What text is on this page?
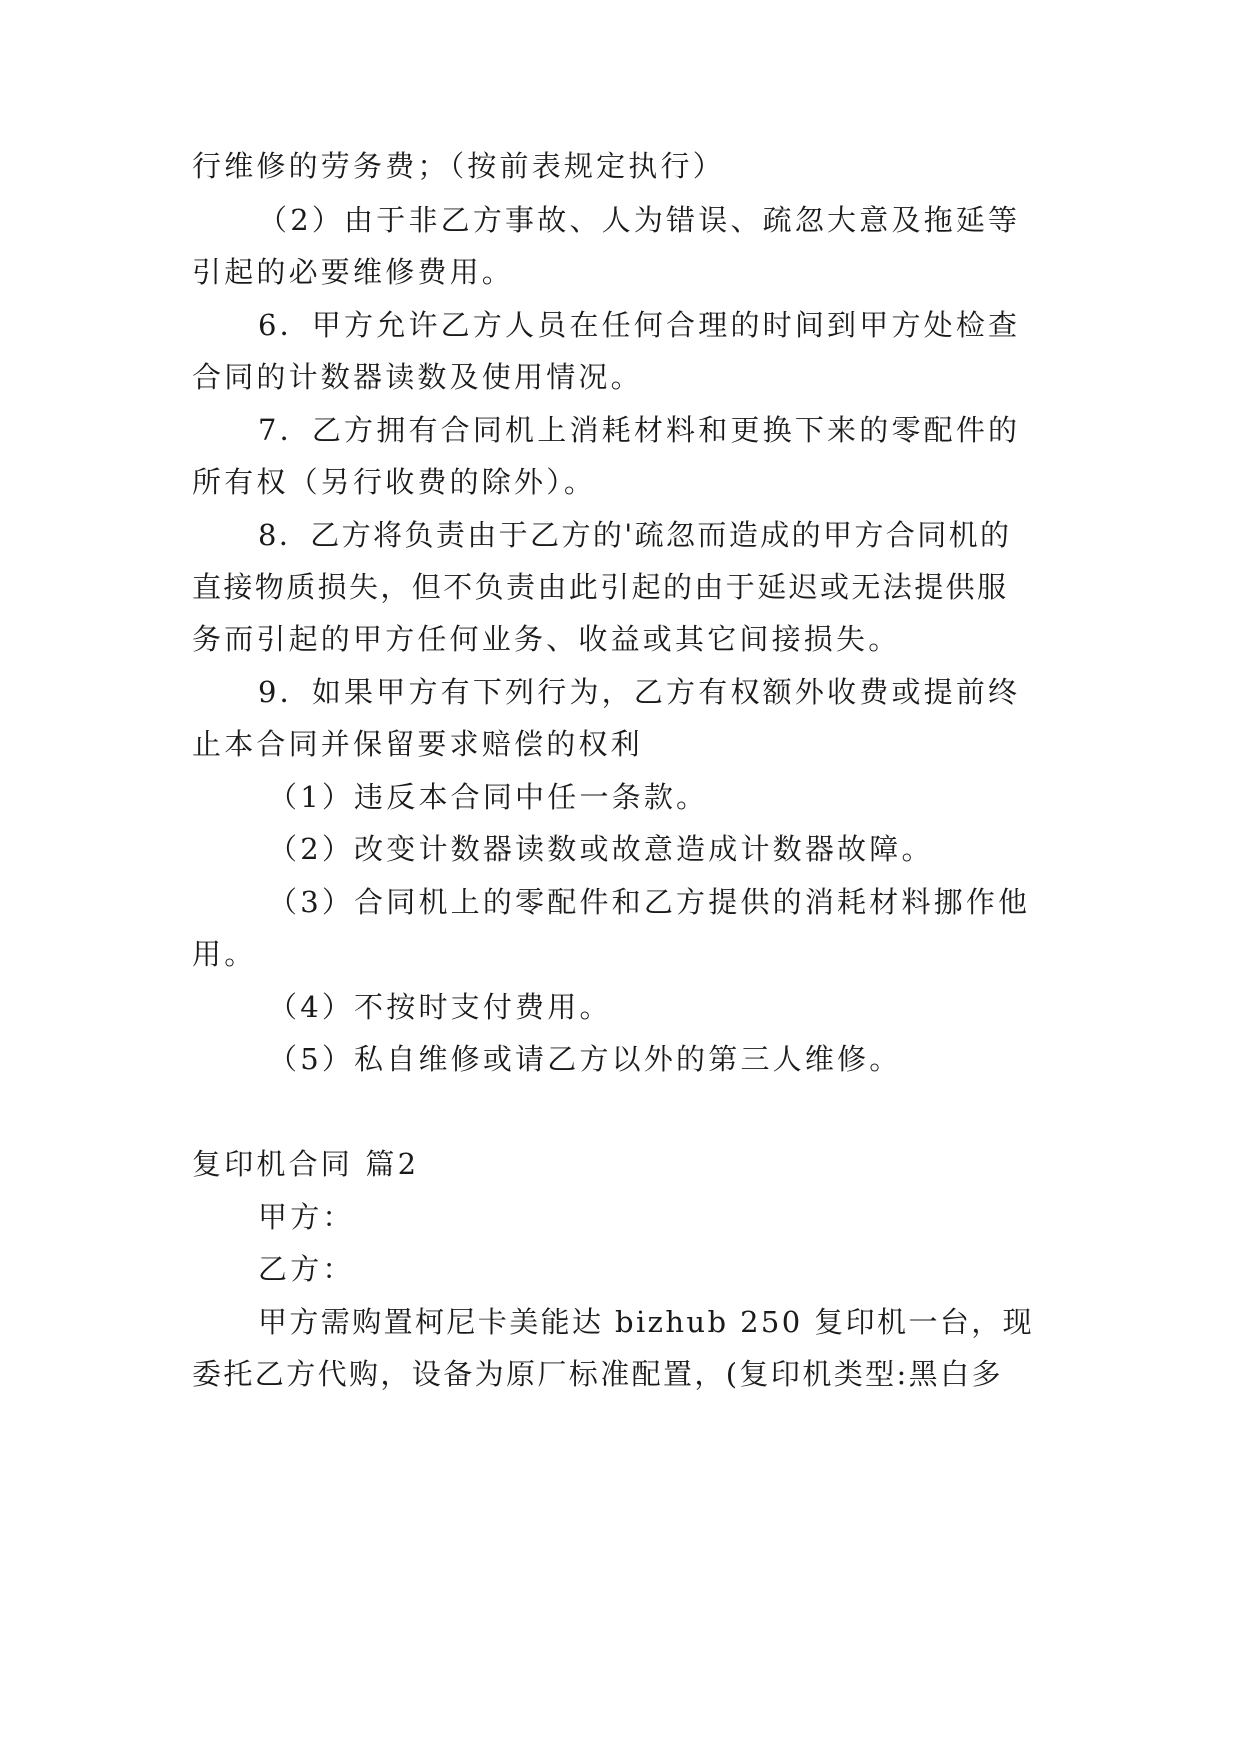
行维修的劳务费；（按前表规定执行）
（2）由于非乙方事故、人为错误、疏忽大意及拖延等
引起的必要维修费用。
6．甲方允许乙方人员在任何合理的时间到甲方处检查
合同的计数器读数及使用情况。
7．乙方拥有合同机上消耗材料和更换下来的零配件的
所有权（另行收费的除外）。
8．乙方将负责由于乙方的'疏忽而造成的甲方合同机的
直接物质损失，但不负责由此引起的由于延迟或无法提供服
务而引起的甲方任何业务、收益或其它间接损失。
9．如果甲方有下列行为，乙方有权额外收费或提前终
止本合同并保留要求赔偿的权利
（1）违反本合同中任一条款。
（2）改变计数器读数或故意造成计数器故障。
（3）合同机上的零配件和乙方提供的消耗材料挪作他
用。
（4）不按时支付费用。
（5）私自维修或请乙方以外的第三人维修。
复印机合同 篇2
甲方：
乙方：
甲方需购置柯尼卡美能达 bizhub 250 复印机一台，现
委托乙方代购，设备为原厂标准配置，(复印机类型:黑白多
